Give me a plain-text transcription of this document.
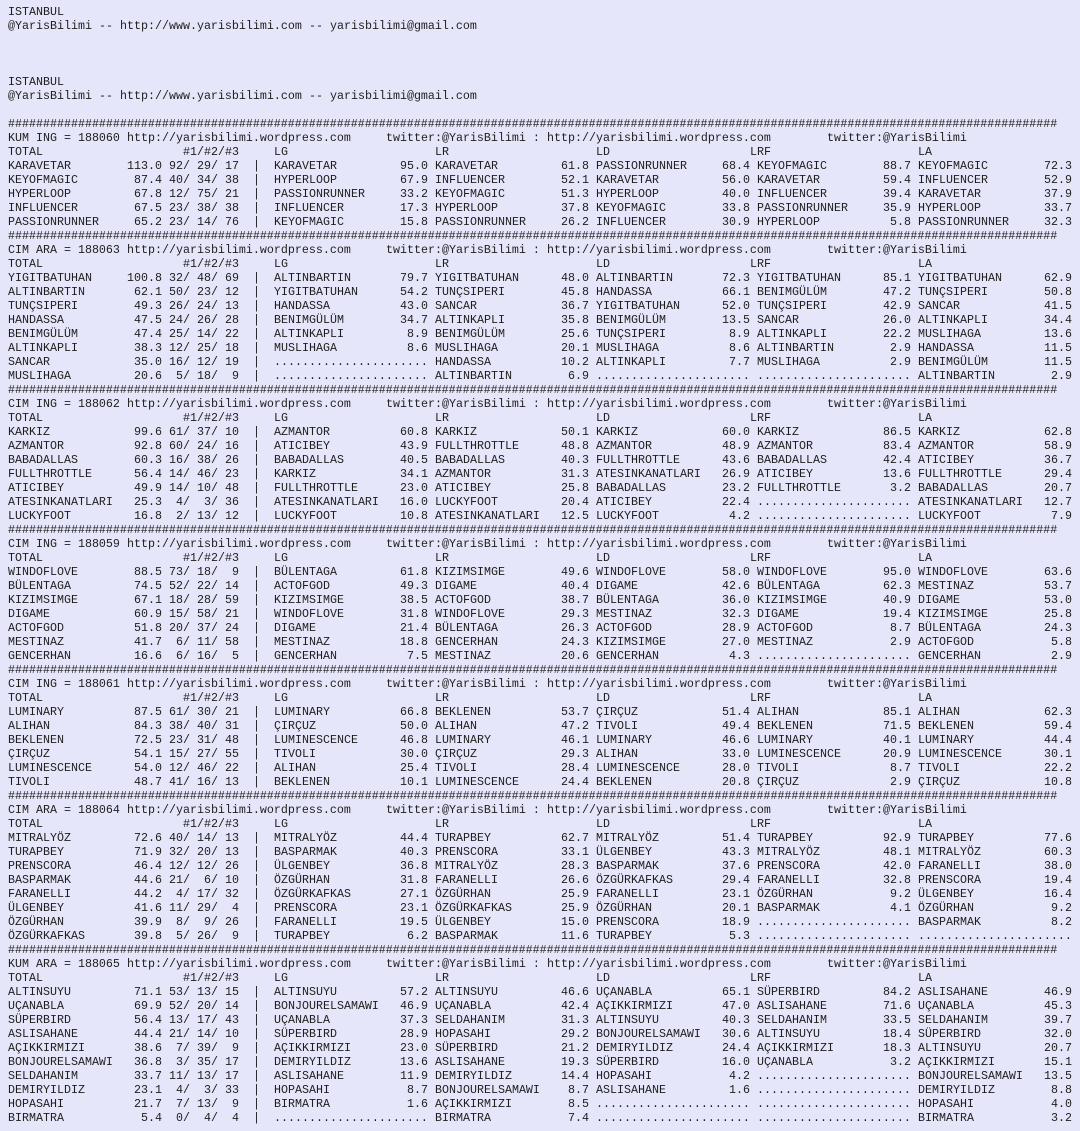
ISTANBUL
@YarisBilimi -- http://www.yarisbilimi.com -- yarisbilimi@gmail.com
ISTANBUL
@YarisBilimi -- http://www.yarisbilimi.com -- yarisbilimi@gmail.com
######################################################################################################################################################
KUM ING = 188060 http://yarisbilimi.wordpress.com	twitter:@YarisBilimi : http://yarisbilimi.wordpress.com	twitter:@YarisBilimi
TOTAL	#1/#2/#3	LG	LR	LD	LRF	LA
KARAVETAR	113.0 92/ 29/ 17 | KARAVETAR	95.0 KARAVETAR	61.8 PASSIONRUNNER	68.4 KEYOFMAGIC	88.7 KEYOFMAGIC	72.3
KEYOFMAGIC	87.4 40/ 34/ 38 | HYPERLOOP	67.9 INFLUENCER	52.1 KARAVETAR	56.0 KARAVETAR	59.4 INFLUENCER	52.9
HYPERLOOP	67.8 12/ 75/ 21 | PASSIONRUNNER	33.2 KEYOFMAGIC	51.3 HYPERLOOP	40.0 INFLUENCER	39.4 KARAVETAR	37.9
INFLUENCER	67.5 23/ 38/ 38 | INFLUENCER	17.3 HYPERLOOP	37.8 KEYOFMAGIC	33.8 PASSIONRUNNER	35.9 HYPERLOOP	33.7
PASSIONRUNNER	65.2 23/ 14/ 76 | KEYOFMAGIC	15.8 PASSIONRUNNER	26.2 INFLUENCER	30.9 HYPERLOOP	5.8 PASSIONRUNNER	32.3
######################################################################################################################################################
CIM ARA = 188063 http://yarisbilimi.wordpress.com	twitter:@YarisBilimi : http://yarisbilimi.wordpress.com	twitter:@YarisBilimi
TOTAL	#1/#2/#3	LG	LR	LD	LRF	LA
YIGITBATUHAN	100.8 32/ 48/ 69 | ALTINBARTIN	79.7 YIGITBATUHAN	48.0 ALTINBARTIN	72.3 YIGITBATUHAN	85.1 YIGITBATUHAN	62.9
ALTINBARTIN	62.1 50/ 23/ 12 | YIGITBATUHAN	54.2 TUNÇSIPERI	45.8 HANDASSA	66.1 BENIMGÜLÜM	47.2 TUNÇSIPERI	50.8
TUNÇSIPERI	49.3 26/ 24/ 13 | HANDASSA	43.0 SANCAR	36.7 YIGITBATUHAN	52.0 TUNÇSIPERI	42.9 SANCAR	41.5
HANDASSA	47.5 24/ 26/ 28 | BENIMGÜLÜM	34.7 ALTINKAPLI	35.8 BENIMGÜLÜM	13.5 SANCAR	26.0 ALTINKAPLI	34.4
BENIMGÜLÜM	47.4 25/ 14/ 22 | ALTINKAPLI	8.9 BENIMGÜLÜM	25.6 TUNÇSIPERI	8.9 ALTINKAPLI	22.2 MUSLIHAGA	13.6
ALTINKAPLI	38.3 12/ 25/ 18 | MUSLIHAGA	8.6 MUSLIHAGA	20.1 MUSLIHAGA	8.6 ALTINBARTIN	2.9 HANDASSA	11.5
SANCAR	35.0 16/ 12/ 19 | ...................... HANDASSA	10.2 ALTINKAPLI	7.7 MUSLIHAGA	2.9 BENIMGÜLÜM	11.5
MUSLIHAGA	20.6	5/ 18/  9 | ...................... ALTINBARTIN	6.9 ...................... ...................... ALTINBARTIN	2.9
######################################################################################################################################################
CIM ING = 188062 http://yarisbilimi.wordpress.com	twitter:@YarisBilimi : http://yarisbilimi.wordpress.com	twitter:@YarisBilimi
TOTAL	#1/#2/#3	LG	LR	LD	LRF	LA
KARKIZ	99.6 61/ 37/ 10 | AZMANTOR	60.8 KARKIZ	50.1 KARKIZ	60.0 KARKIZ	86.5 KARKIZ	62.8
AZMANTOR	92.8 60/ 24/ 16 | ATICIBEY	43.9 FULLTHROTTLE	48.8 AZMANTOR	48.9 AZMANTOR	83.4 AZMANTOR	58.9
BABADALLAS	60.3 16/ 38/ 26 | BABADALLAS	40.5 BABADALLAS	40.3 FULLTHROTTLE	43.6 BABADALLAS	42.4 ATICIBEY	36.7
FULLTHROTTLE	56.4 14/ 46/ 23 | KARKIZ	34.1 AZMANTOR	31.3 ATESINKANATLARI	26.9 ATICIBEY	13.6 FULLTHROTTLE	29.4
ATICIBEY	49.9 14/ 10/ 48 | FULLTHROTTLE	23.0 ATICIBEY	25.8 BABADALLAS	23.2 FULLTHROTTLE	3.2 BABADALLAS	20.7
ATESINKANATLARI	25.3	4/  3/ 36 | ATESINKANATLARI	16.0 LUCKYFOOT	20.4 ATICIBEY	22.4 ...................... ATESINKANATLARI	12.7
LUCKYFOOT	16.8	2/ 13/ 12 | LUCKYFOOT	10.8 ATESINKANATLARI	12.5 LUCKYFOOT	4.2 ...................... LUCKYFOOT	7.9
######################################################################################################################################################
CIM ING = 188059 http://yarisbilimi.wordpress.com	twitter:@YarisBilimi : http://yarisbilimi.wordpress.com	twitter:@YarisBilimi
TOTAL	#1/#2/#3	LG	LR	LD	LRF	LA
WINDOFLOVE	88.5 73/ 18/  9 | BÜLENTAGA	61.8 KIZIMSIMGE	49.6 WINDOFLOVE	58.0 WINDOFLOVE	95.0 WINDOFLOVE	63.6
BÜLENTAGA	74.5 52/ 22/ 14 | ACTOFGOD	49.3 DIGAME	40.4 DIGAME	42.6 BÜLENTAGA	62.3 MESTINAZ	53.7
KIZIMSIMGE	67.1 18/ 28/ 59 | KIZIMSIMGE	38.5 ACTOFGOD	38.7 BÜLENTAGA	36.0 KIZIMSIMGE	40.9 DIGAME	53.0
DIGAME	60.9 15/ 58/ 21 | WINDOFLOVE	31.8 WINDOFLOVE	29.3 MESTINAZ	32.3 DIGAME	19.4 KIZIMSIMGE	25.8
ACTOFGOD	51.8 20/ 37/ 24 | DIGAME	21.4 BÜLENTAGA	26.3 ACTOFGOD	28.9 ACTOFGOD	8.7 BÜLENTAGA	24.3
MESTINAZ	41.7	6/ 11/ 58 | MESTINAZ	18.8 GENCERHAN	24.3 KIZIMSIMGE	27.0 MESTINAZ	2.9 ACTOFGOD	5.8
GENCERHAN	16.6	6/ 16/  5 | GENCERHAN	7.5 MESTINAZ	20.6 GENCERHAN	4.3 ...................... GENCERHAN	2.9
######################################################################################################################################################
CIM ING = 188061 http://yarisbilimi.wordpress.com	twitter:@YarisBilimi : http://yarisbilimi.wordpress.com	twitter:@YarisBilimi
TOTAL	#1/#2/#3	LG	LR	LD	LRF	LA
LUMINARY	87.5 61/ 30/ 21 | LUMINARY	66.8 BEKLENEN	53.7 ÇIRÇUZ	51.4 ALIHAN	85.1 ALIHAN	62.3
ALIHAN	84.3 38/ 40/ 31 | ÇIRÇUZ	50.0 ALIHAN	47.2 TIVOLI	49.4 BEKLENEN	71.5 BEKLENEN	59.4
BEKLENEN	72.5 23/ 31/ 48 | LUMINESCENCE	46.8 LUMINARY	46.1 LUMINARY	46.6 LUMINARY	40.1 LUMINARY	44.4
ÇIRÇUZ	54.1 15/ 27/ 55 | TIVOLI	30.0 ÇIRÇUZ	29.3 ALIHAN	33.0 LUMINESCENCE	20.9 LUMINESCENCE	30.1
LUMINESCENCE	54.0 12/ 46/ 22 | ALIHAN	25.4 TIVOLI	28.4 LUMINESCENCE	28.0 TIVOLI	8.7 TIVOLI	22.2
TIVOLI	48.7 41/ 16/ 13 | BEKLENEN	10.1 LUMINESCENCE	24.4 BEKLENEN	20.8 ÇIRÇUZ	2.9 ÇIRÇUZ	10.8
######################################################################################################################################################
CIM ARA = 188064 http://yarisbilimi.wordpress.com	twitter:@YarisBilimi : http://yarisbilimi.wordpress.com	twitter:@YarisBilimi
TOTAL	#1/#2/#3	LG	LR	LD	LRF	LA
MITRALYÖZ	72.6 40/ 14/ 13 | MITRALYÖZ	44.4 TURAPBEY	62.7 MITRALYÖZ	51.4 TURAPBEY	92.9 TURAPBEY	77.6
TURAPBEY	71.9 32/ 20/ 13 | BASPARMAK	40.3 PRENSCORA	33.1 ÜLGENBEY	43.3 MITRALYÖZ	48.1 MITRALYÖZ	60.3
PRENSCORA	46.4 12/ 12/ 26 | ÜLGENBEY	36.8 MITRALYÖZ	28.3 BASPARMAK	37.6 PRENSCORA	42.0 FARANELLI	38.0
BASPARMAK	44.6 21/  6/ 10 | ÖZGÜRHAN	31.8 FARANELLI	26.6 ÖZGÜRKAFKAS	29.4 FARANELLI	32.8 PRENSCORA	19.4
FARANELLI	44.2	4/ 17/ 32 | ÖZGÜRKAFKAS	27.1 ÖZGÜRHAN	25.9 FARANELLI	23.1 ÖZGÜRHAN	9.2 ÜLGENBEY	16.4
ÜLGENBEY	41.6 11/ 29/  4 | PRENSCORA	23.1 ÖZGÜRKAFKAS	25.9 ÖZGÜRHAN	20.1 BASPARMAK	4.1 ÖZGÜRHAN	9.2
ÖZGÜRHAN	39.9	8/  9/ 26 | FARANELLI	19.5 ÜLGENBEY	15.0 PRENSCORA	18.9 ...................... BASPARMAK	8.2
ÖZGÜRKAFKAS	39.8	5/ 26/  9 | TURAPBEY	6.2 BASPARMAK	11.6 TURAPBEY	5.3 ...................... ......................
######################################################################################################################################################
KUM ARA = 188065 http://yarisbilimi.wordpress.com	twitter:@YarisBilimi : http://yarisbilimi.wordpress.com	twitter:@YarisBilimi
TOTAL	#1/#2/#3	LG	LR	LD	LRF	LA
ALTINSUYU	71.1 53/ 13/ 15 | ALTINSUYU	57.2 ALTINSUYU	46.6 UÇANABLA	65.1 SÜPERBIRD	84.2 ASLISAHANE	46.9
UÇANABLA	69.9 52/ 20/ 14 | BONJOURELSAMAWI	46.9 UÇANABLA	42.4 AÇIKKIRMIZI	47.0 ASLISAHANE	71.6 UÇANABLA	45.3
SÜPERBIRD	56.4 13/ 17/ 43 | UÇANABLA	37.3 SELDAHANIM	31.3 ALTINSUYU	40.3 SELDAHANIM	33.5 SELDAHANIM	39.7
ASLISAHANE	44.4 21/ 14/ 10 | SÜPERBIRD	28.9 HOPASAHI	29.2 BONJOURELSAMAWI	30.6 ALTINSUYU	18.4 SÜPERBIRD	32.0
AÇIKKIRMIZI	38.6	7/ 39/  9 | AÇIKKIRMIZI	23.0 SÜPERBIRD	21.2 DEMIRYILDIZ	24.4 AÇIKKIRMIZI	18.3 ALTINSUYU	20.7
BONJOURELSAMAWI	36.8	3/ 35/ 17 | DEMIRYILDIZ	13.6 ASLISAHANE	19.3 SÜPERBIRD	16.0 UÇANABLA	3.2 AÇIKKIRMIZI	15.1
SELDAHANIM	33.7 11/ 13/ 17 | ASLISAHANE	11.9 DEMIRYILDIZ	14.4 HOPASAHI	4.2 ...................... BONJOURELSAMAWI	13.5
DEMIRYILDIZ	23.1	4/  3/ 33 | HOPASAHI	8.7 BONJOURELSAMAWI	8.7 ASLISAHANE	1.6 ...................... DEMIRYILDIZ	8.8
HOPASAHI	21.7	7/ 13/  9 | BIRMATRA	1.6 AÇIKKIRMIZI	8.5 ...................... ...................... HOPASAHI	4.0
BIRMATRA	5.4	0/  4/  4 | ...................... BIRMATRA	7.4 ...................... ...................... BIRMATRA	3.2
